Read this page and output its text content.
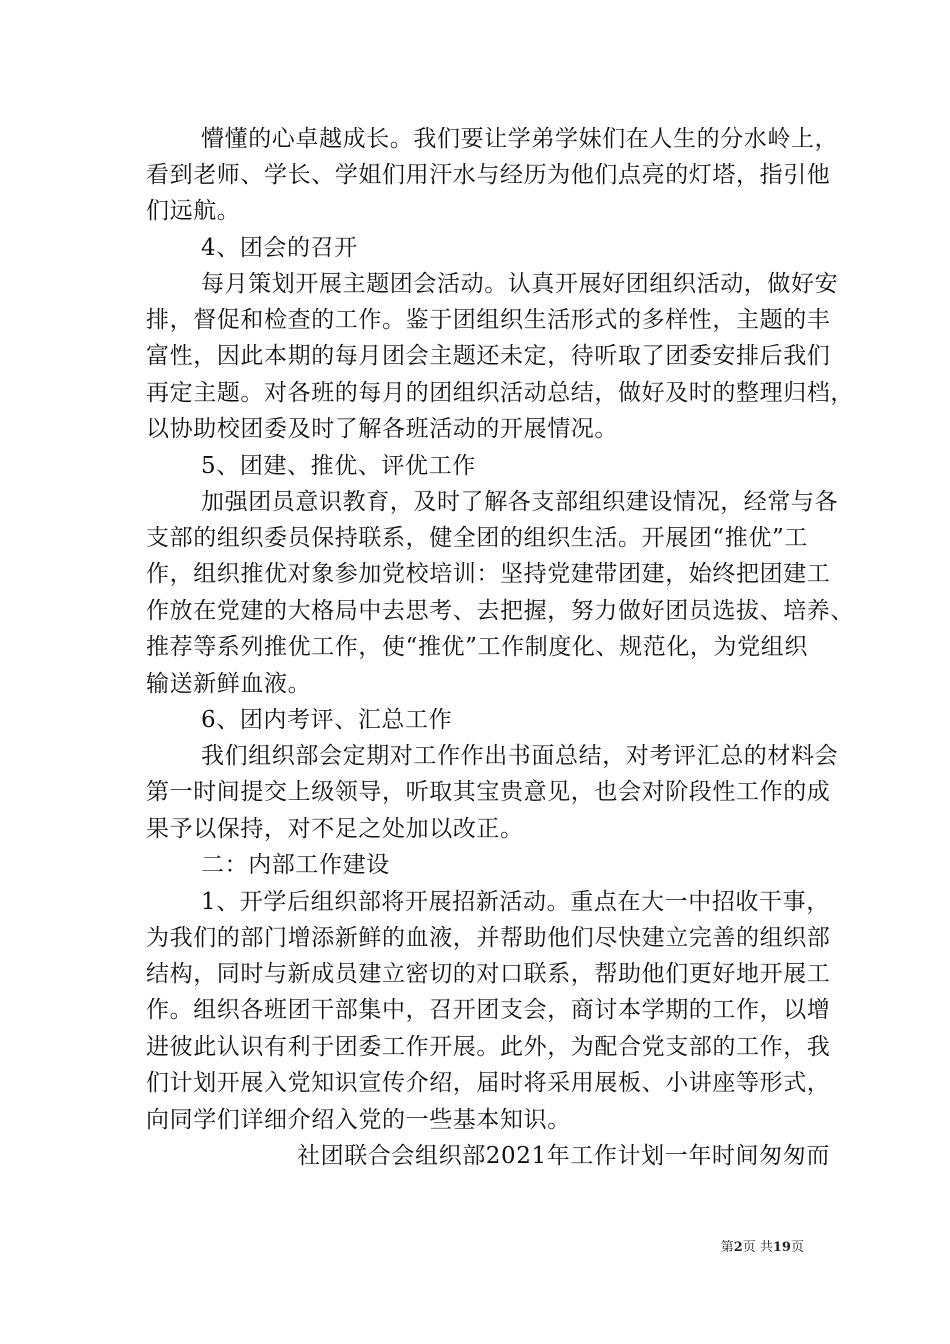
懵懂的心卓越成长。我们要让学弟学妹们在人生的分水岭上，
看到老师、学长、学姐们用汗水与经历为他们点亮的灯塔，指引他
们远航。
4、团会的召开
每月策划开展主题团会活动。认真开展好团组织活动，做好安
排，督促和检查的工作。鉴于团组织生活形式的多样性，主题的丰
富性，因此本期的每月团会主题还未定，待听取了团委安排后我们
再定主题。对各班的每月的团组织活动总结，做好及时的整理归档，
以协助校团委及时了解各班活动的开展情况。
5、团建、推优、评优工作
加强团员意识教育，及时了解各支部组织建设情况，经常与各
支部的组织委员保持联系，健全团的组织生活。开展团“推优”工
作，组织推优对象参加党校培训：坚持党建带团建，始终把团建工
作放在党建的大格局中去思考、去把握，努力做好团员选拔、培养、
推荐等系列推优工作，使“推优”工作制度化、规范化，为党组织
输送新鲜血液。
6、团内考评、汇总工作
我们组织部会定期对工作作出书面总结，对考评汇总的材料会
第一时间提交上级领导，听取其宝贵意见，也会对阶段性工作的成
果予以保持，对不足之处加以改正。
二：内部工作建设
1、开学后组织部将开展招新活动。重点在大一中招收干事，
为我们的部门增添新鲜的血液，并帮助他们尽快建立完善的组织部
结构，同时与新成员建立密切的对口联系，帮助他们更好地开展工
作。组织各班团干部集中，召开团支会，商讨本学期的工作，以增
进彼此认识有利于团委工作开展。此外，为配合党支部的工作，我
们计划开展入党知识宣传介绍，届时将采用展板、小讲座等形式，
向同学们详细介绍入党的一些基本知识。
社团联合会组织部2021年工作计划一年时间匆匆而
第2页 共19页
